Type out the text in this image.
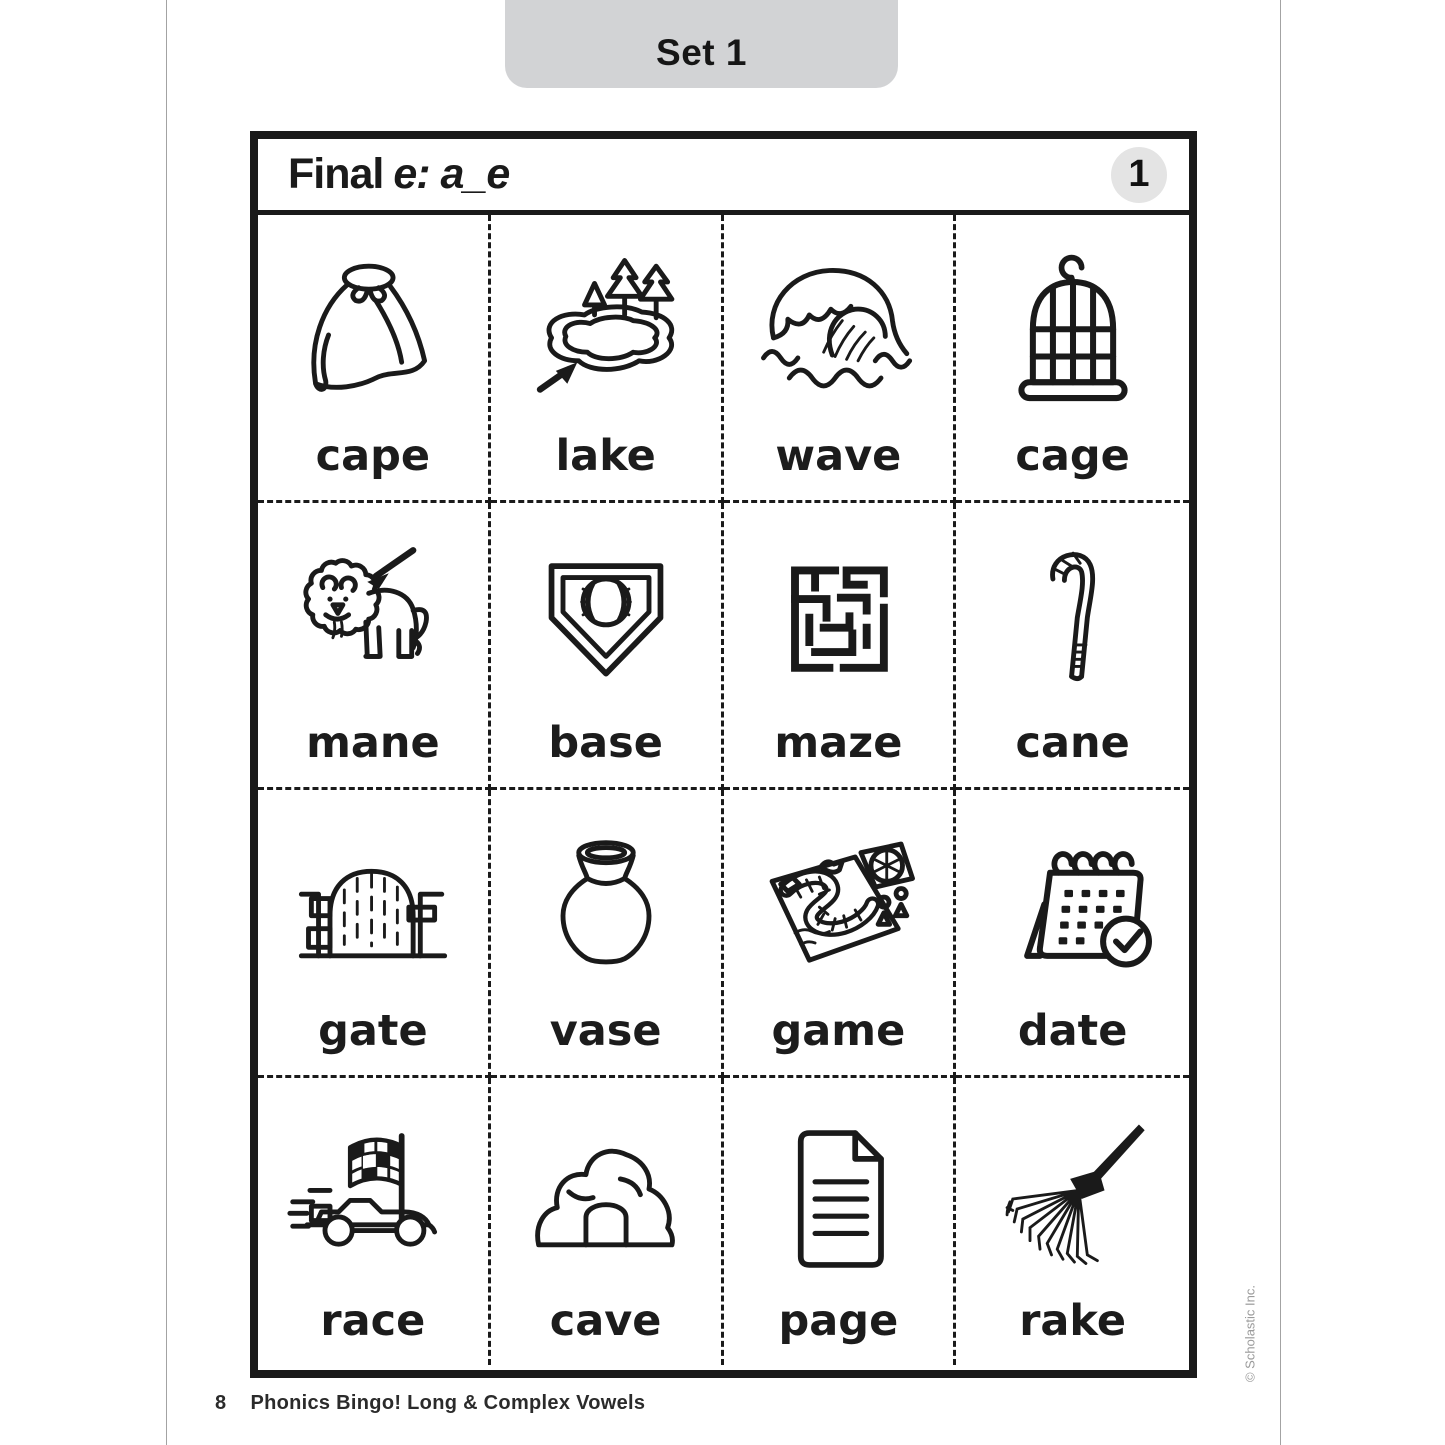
Set 1
Final e: a_e	1
cape	lake	wave	cage
mane	base	maze	cane
gate	vase	game	date
race	cave	page	rake
8 Phonics Bingo! Long & Complex Vowels
© Scholastic Inc.
